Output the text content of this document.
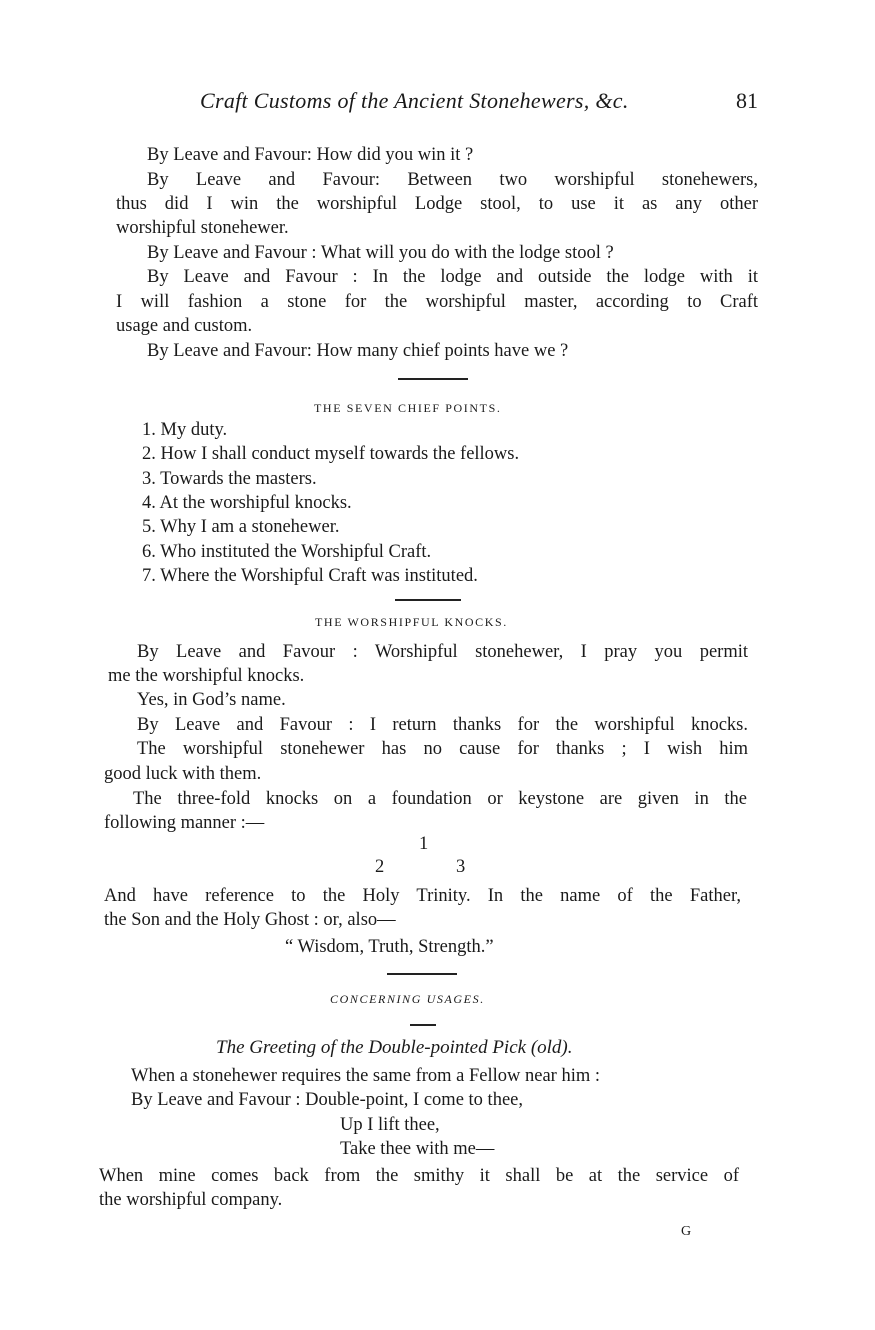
Craft Customs of the Ancient Stonehewers, &c.	81
By Leave and Favour: How did you win it ?
By Leave and Favour: Between two worshipful stonehewers,
thus did I win the worshipful Lodge stool, to use it as any other
worshipful stonehewer.
By Leave and Favour : What will you do with the lodge stool ?
By Leave and Favour : In the lodge and outside the lodge with it
I will fashion a stone for the worshipful master, according to Craft
usage and custom.
By Leave and Favour: How many chief points have we ?
THE SEVEN CHIEF POINTS.
1. My duty.
2. How I shall conduct myself towards the fellows.
3. Towards the masters.
4. At the worshipful knocks.
5. Why I am a stonehewer.
6. Who instituted the Worshipful Craft.
7. Where the Worshipful Craft was instituted.
THE WORSHIPFUL KNOCKS.
By Leave and Favour : Worshipful stonehewer, I pray you permit
me the worshipful knocks.
Yes, in God’s name.
By Leave and Favour : I return thanks for the worshipful knocks.
The worshipful stonehewer has no cause for thanks ; I wish him
good luck with them.
The three-fold knocks on a foundation or keystone are given in the
following manner :—
1
2	3
And have reference to the Holy Trinity. In the name of the Father,
the Son and the Holy Ghost : or, also—
“ Wisdom, Truth, Strength.”
CONCERNING USAGES.
The Greeting of the Double-pointed Pick (old).
When a stonehewer requires the same from a Fellow near him :
By Leave and Favour : Double-point, I come to thee,
Up I lift thee,
Take thee with me—
When mine comes back from the smithy it shall be at the service of
the worshipful company.
G
